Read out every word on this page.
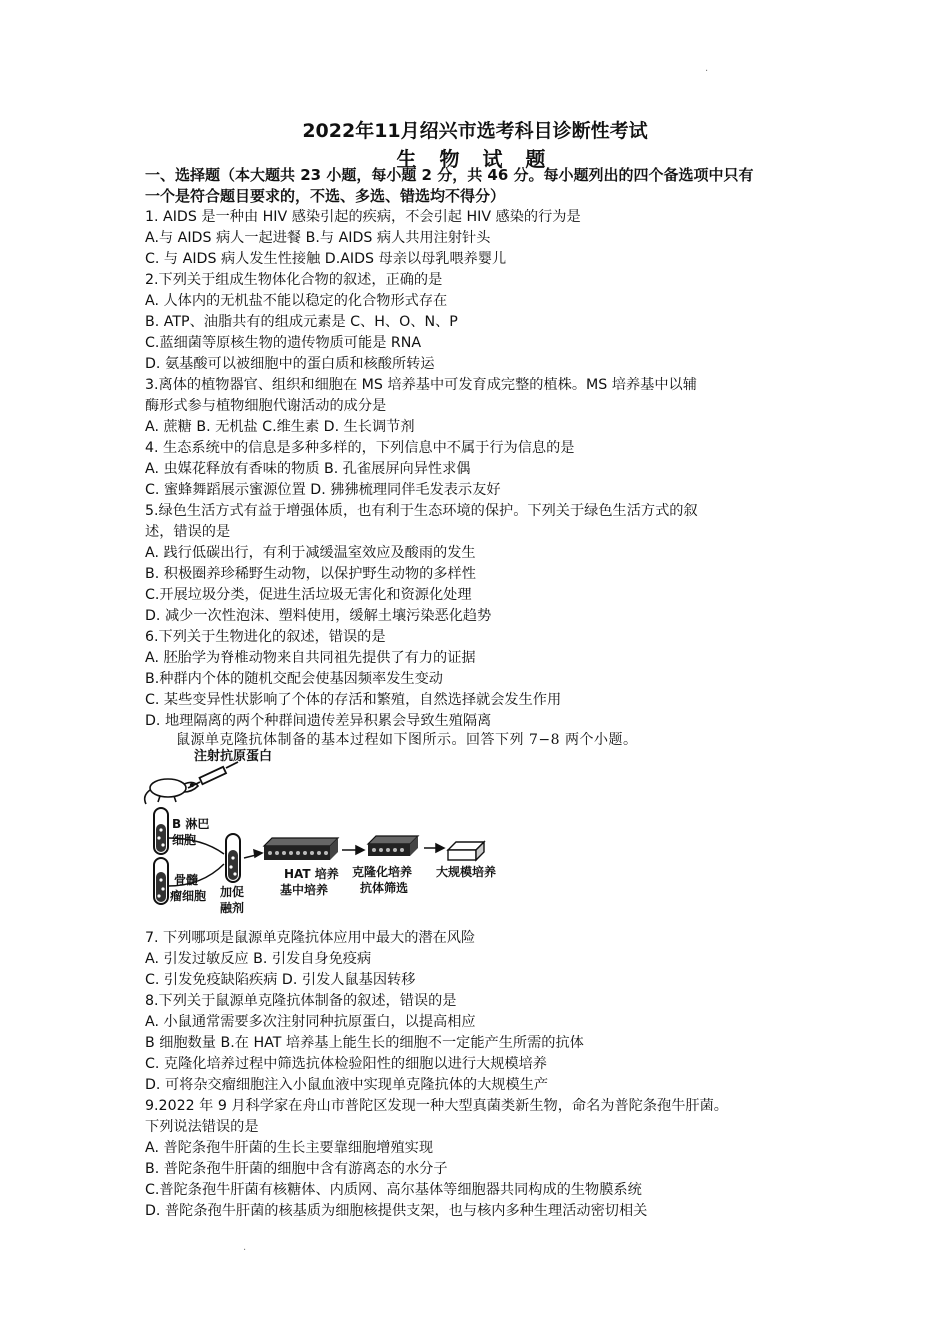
·
2022年11月绍兴市选考科目诊断性考试
生 物 试 题
一、选择题（本大题共 23 小题，每小题 2 分，共 46 分。每小题列出的四个备选项中只有
一个是符合题目要求的，不选、多选、错选均不得分）
1. AIDS 是一种由 HIV 感染引起的疾病，不会引起 HIV 感染的行为是
A.与 AIDS 病人一起进餐 B.与 AIDS 病人共用注射针头
C. 与 AIDS 病人发生性接触 D.AIDS 母亲以母乳喂养婴儿
2.下列关于组成生物体化合物的叙述，正确的是
A. 人体内的无机盐不能以稳定的化合物形式存在
B. ATP、油脂共有的组成元素是 C、H、O、N、P
C.蓝细菌等原核生物的遗传物质可能是 RNA
D. 氨基酸可以被细胞中的蛋白质和核酸所转运
3.离体的植物器官、组织和细胞在 MS 培养基中可发育成完整的植株。MS 培养基中以辅
酶形式参与植物细胞代谢活动的成分是
A. 蔗糖 B. 无机盐 C.维生素 D. 生长调节剂
4. 生态系统中的信息是多种多样的，下列信息中不属于行为信息的是
A. 虫媒花释放有香味的物质 B. 孔雀展屏向异性求偶
C. 蜜蜂舞蹈展示蜜源位置 D. 狒狒梳理同伴毛发表示友好
5.绿色生活方式有益于增强体质，也有利于生态环境的保护。下列关于绿色生活方式的叙
述，错误的是
A. 践行低碳出行，有利于减缓温室效应及酸雨的发生
B. 积极圈养珍稀野生动物，以保护野生动物的多样性
C.开展垃圾分类，促进生活垃圾无害化和资源化处理
D. 减少一次性泡沫、塑料使用，缓解土壤污染恶化趋势
6.下列关于生物进化的叙述，错误的是
A. 胚胎学为脊椎动物来自共同祖先提供了有力的证据
B.种群内个体的随机交配会使基因频率发生变动
C. 某些变异性状影响了个体的存活和繁殖，自然选择就会发生作用
D. 地理隔离的两个种群间遗传差异积累会导致生殖隔离
鼠源单克隆抗体制备的基本过程如下图所示。回答下列 7−8 两个小题。
注射抗原蛋白
B 淋巴
细胞
骨髓
瘤细胞 加促
融剂
HAT 培养
基中培养
克隆化培养
抗体筛选
大规模培养
7. 下列哪项是鼠源单克隆抗体应用中最大的潜在风险
A. 引发过敏反应 B. 引发自身免疫病
C. 引发免疫缺陷疾病 D. 引发人鼠基因转移
8.下列关于鼠源单克隆抗体制备的叙述，错误的是
A. 小鼠通常需要多次注射同种抗原蛋白，以提高相应
B 细胞数量 B.在 HAT 培养基上能生长的细胞不一定能产生所需的抗体
C. 克隆化培养过程中筛选抗体检验阳性的细胞以进行大规模培养
D. 可将杂交瘤细胞注入小鼠血液中实现单克隆抗体的大规模生产
9.2022 年 9 月科学家在舟山市普陀区发现一种大型真菌类新生物，命名为普陀条孢牛肝菌。
下列说法错误的是
A. 普陀条孢牛肝菌的生长主要靠细胞增殖实现
B. 普陀条孢牛肝菌的细胞中含有游离态的水分子
C.普陀条孢牛肝菌有核糖体、内质网、高尔基体等细胞器共同构成的生物膜系统
D. 普陀条孢牛肝菌的核基质为细胞核提供支架，也与核内多种生理活动密切相关
·
